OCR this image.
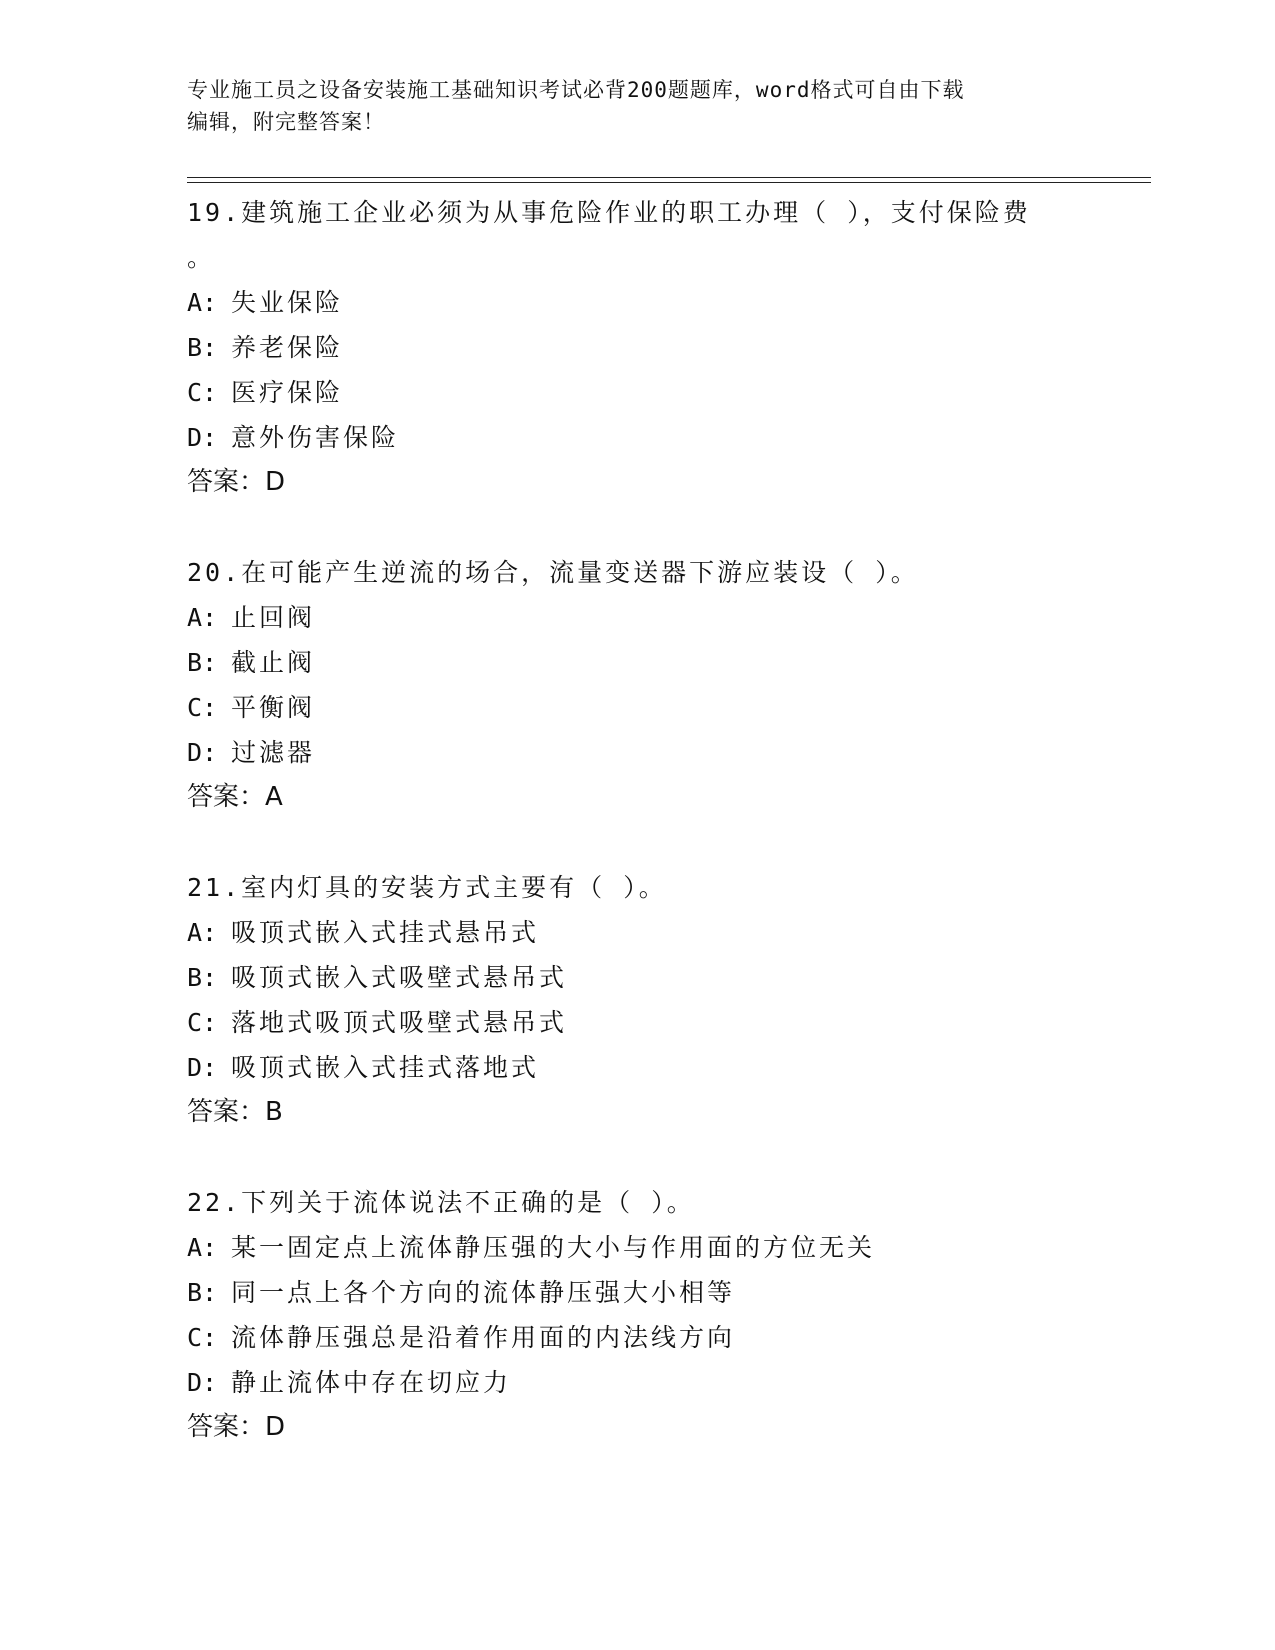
专业施工员之设备安装施工基础知识考试必背200题题库，word格式可自由下载
编辑，附完整答案！

19.建筑施工企业必须为从事危险作业的职工办理（ ），支付保险费

。

A: 失业保险

B: 养老保险

C: 医疗保险

D: 意外伤害保险

答案：D

20.在可能产生逆流的场合，流量变送器下游应装设（ ）。

A: 止回阀

B: 截止阀

C: 平衡阀

D: 过滤器

答案：A

21.室内灯具的安装方式主要有（ ）。

A: 吸顶式嵌入式挂式悬吊式

B: 吸顶式嵌入式吸壁式悬吊式

C: 落地式吸顶式吸壁式悬吊式

D: 吸顶式嵌入式挂式落地式

答案：B

22.下列关于流体说法不正确的是（ ）。

A: 某一固定点上流体静压强的大小与作用面的方位无关

B: 同一点上各个方向的流体静压强大小相等

C: 流体静压强总是沿着作用面的内法线方向

D: 静止流体中存在切应力

答案：D
